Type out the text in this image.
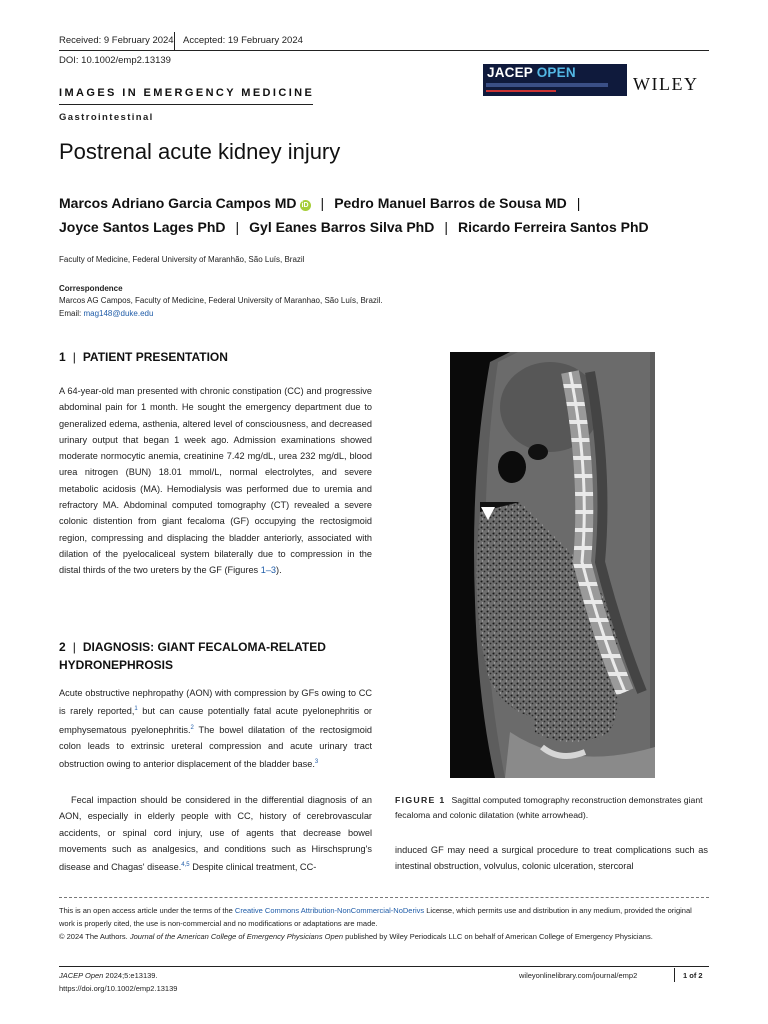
Received: 9 February 2024 Accepted: 19 February 2024
DOI: 10.1002/emp2.13139
JACEP OPEN
WILEY
IMAGES IN EMERGENCY MEDICINE
Gastrointestinal
Postrenal acute kidney injury
Marcos Adriano Garcia Campos MD iD | Pedro Manuel Barros de Sousa MD |
Joyce Santos Lages PhD | Gyl Eanes Barros Silva PhD | Ricardo Ferreira Santos PhD
Faculty of Medicine, Federal University of Maranhão, São Luís, Brazil
Correspondence
Marcos AG Campos, Faculty of Medicine, Federal University of Maranhao, São Luís, Brazil.
Email: mag148@duke.edu
1 | PATIENT PRESENTATION
A 64-year-old man presented with chronic constipation (CC) and progressive abdominal pain for 1 month. He sought the emergency department due to generalized edema, asthenia, altered level of consciousness, and decreased urinary output that began 1 week ago. Admission examinations showed moderate normocytic anemia, creatinine 7.42 mg/dL, urea 232 mg/dL, blood urea nitrogen (BUN) 18.01 mmol/L, normal electrolytes, and severe metabolic acidosis (MA). Hemodialysis was performed due to uremia and refractory MA. Abdominal computed tomography (CT) revealed a severe colonic distention from giant fecaloma (GF) occupying the rectosigmoid region, compressing and displacing the bladder anteriorly, associated with dilation of the pyelocaliceal system bilaterally due to compression in the distal thirds of the two ureters by the GF (Figures 1–3).
2 | DIAGNOSIS: GIANT FECALOMA-RELATED
HYDRONEPHROSIS
Acute obstructive nephropathy (AON) with compression by GFs owing to CC is rarely reported,$^1$ but can cause potentially fatal acute pyelonephritis or emphysematous pyelonephritis.$^2$ The bowel dilatation of the rectosigmoid colon leads to extrinsic ureteral compression and acute urinary tract obstruction owing to anterior displacement of the bladder base.$^3$
Fecal impaction should be considered in the differential diagnosis of an AON, especially in elderly people with CC, history of cerebrovascular accidents, or spinal cord injury, use of agents that decrease bowel movements such as analgesics, and conditions such as Hirschsprung's disease and Chagas' disease.$^{4,5}$ Despite clinical treatment, CC-
FIGURE 1 Sagittal computed tomography reconstruction demonstrates giant fecaloma and colonic dilatation (white arrowhead).
induced GF may need a surgical procedure to treat complications such as intestinal obstruction, volvulus, colonic ulceration, stercoral
This is an open access article under the terms of the Creative Commons Attribution-NonCommercial-NoDerivs License, which permits use and distribution in any medium, provided the original work is properly cited, the use is non-commercial and no modifications or adaptations are made.
© 2024 The Authors. Journal of the American College of Emergency Physicians Open published by Wiley Periodicals LLC on behalf of American College of Emergency Physicians.
JACEP Open 2024;5:e13139.
https://doi.org/10.1002/emp2.13139
wileyonlinelibrary.com/journal/emp2	1 of 2
